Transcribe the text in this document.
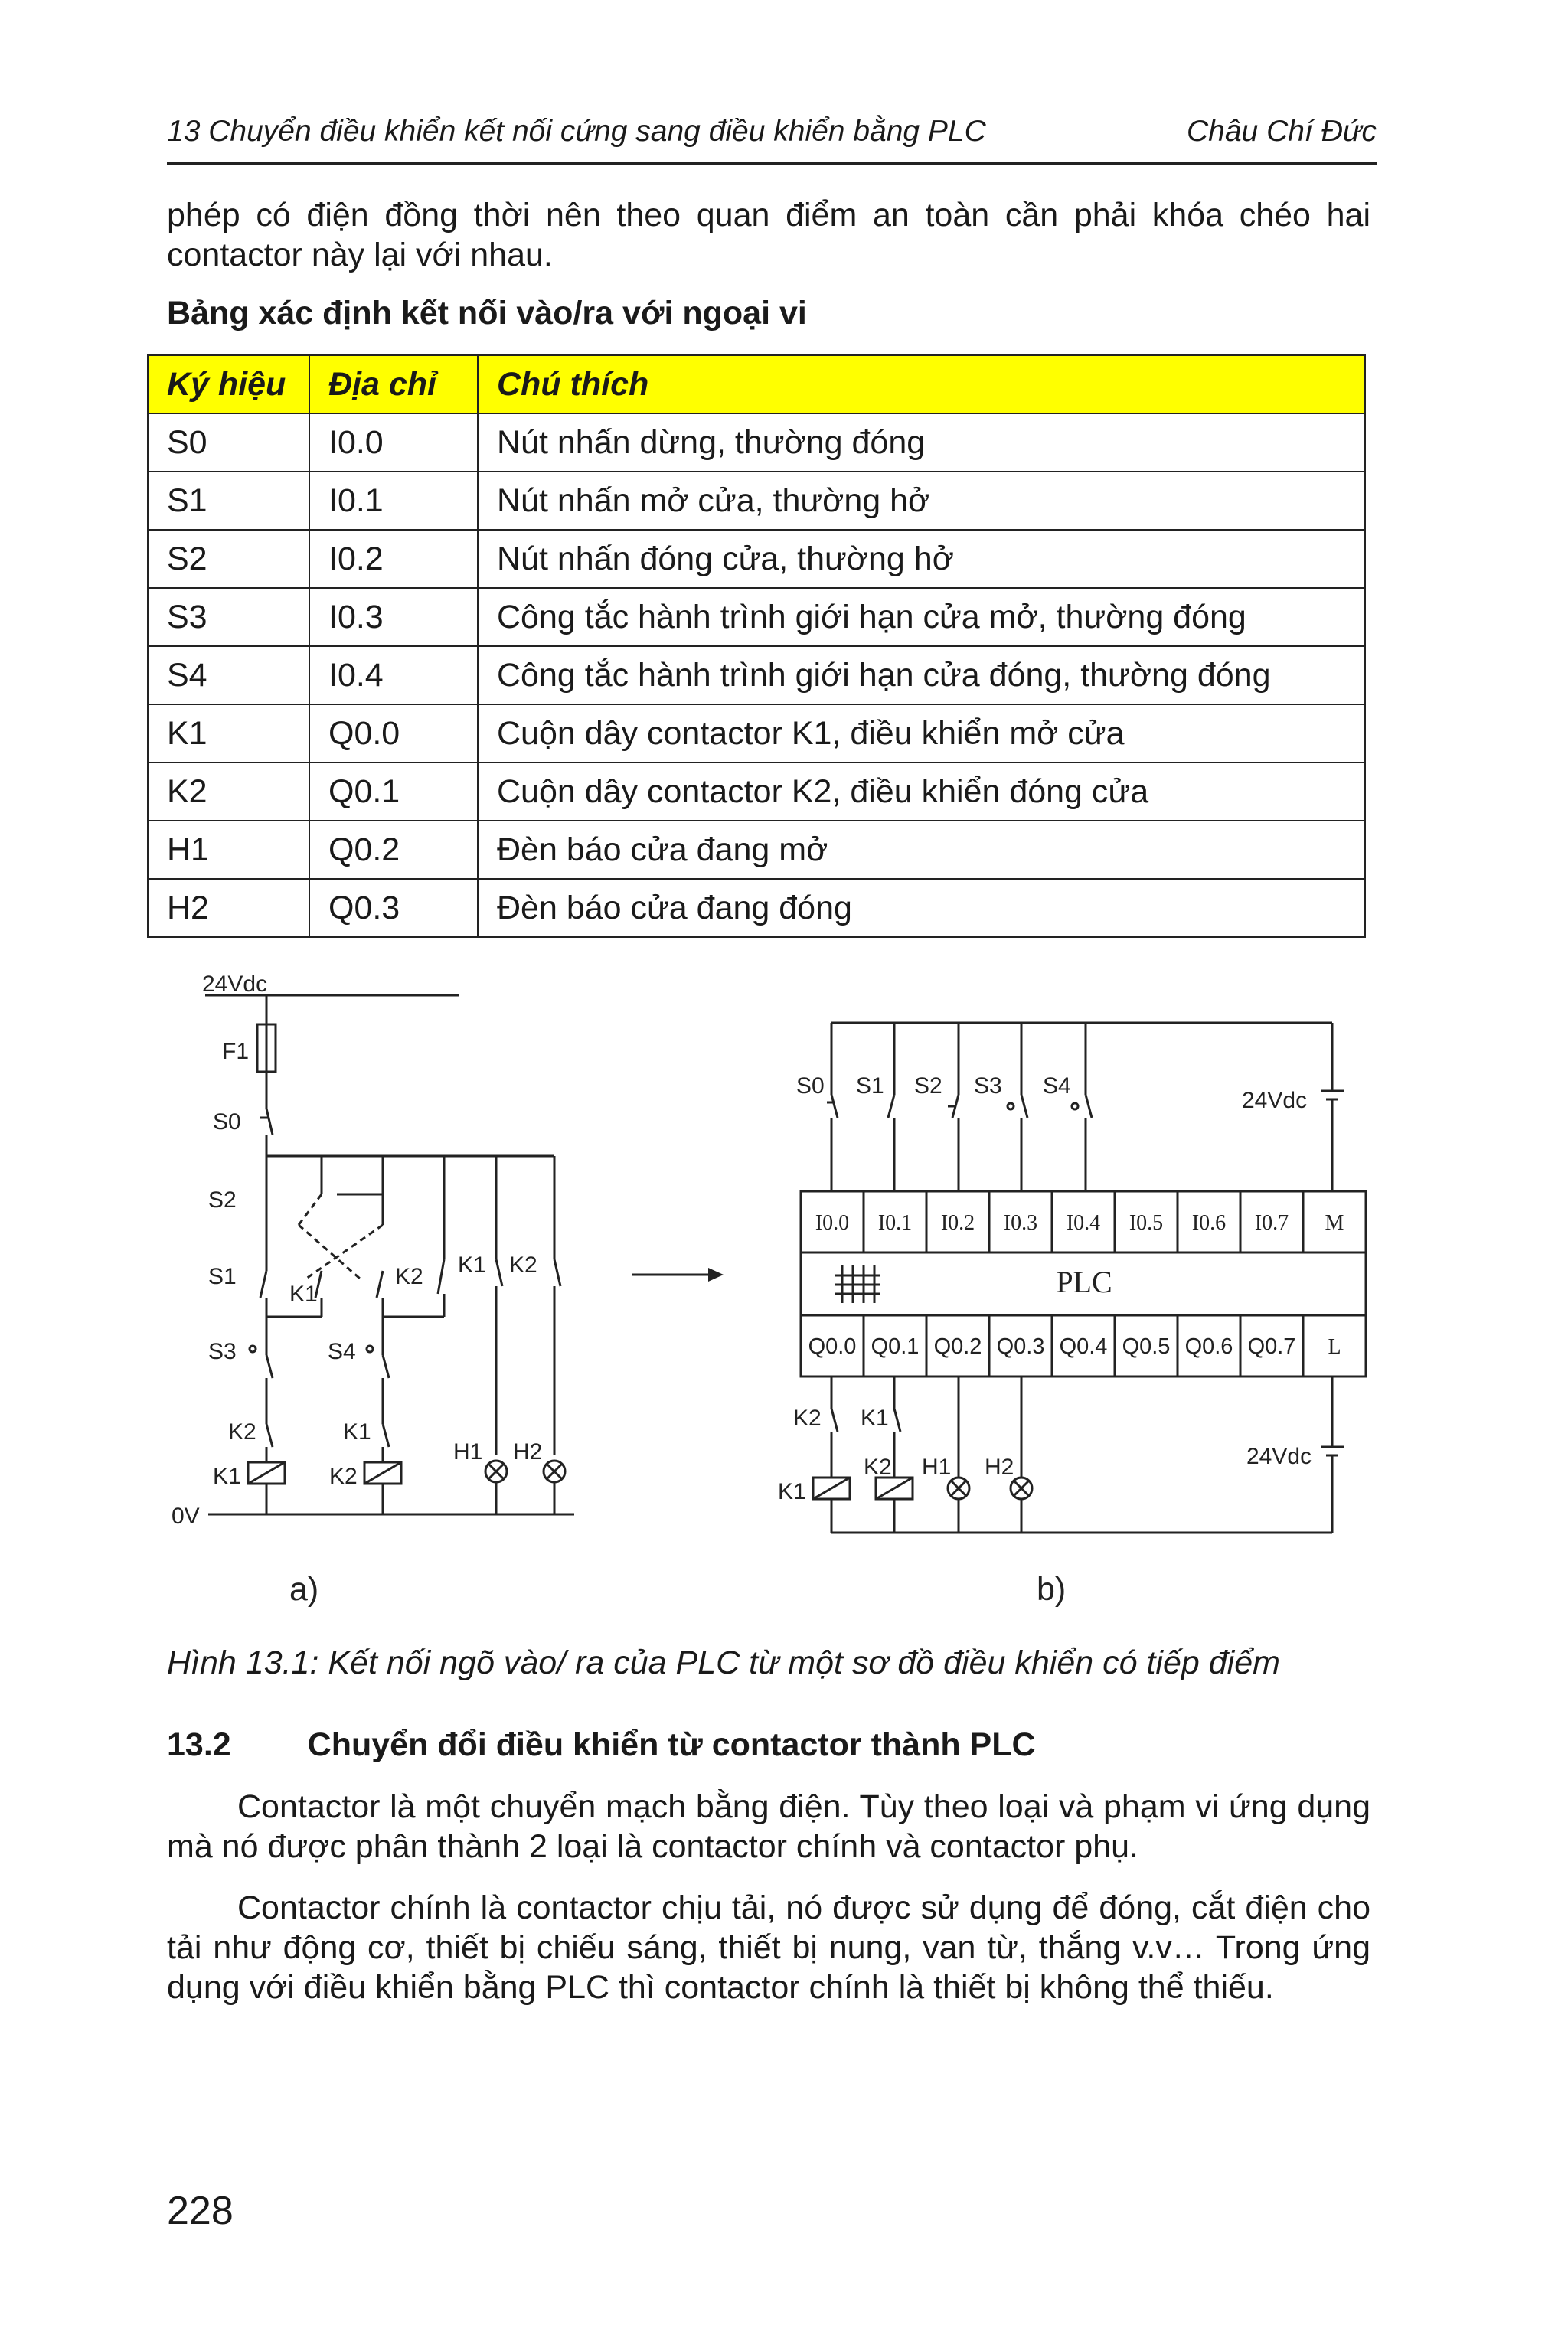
13 Chuyển điều khiển kết nối cứng sang điều khiển bằng PLC	Châu Chí Đức
phép có điện đồng thời nên theo quan điểm an toàn cần phải khóa chéo hai contactor này lại với nhau.
Bảng xác định kết nối vào/ra với ngoại vi
Ký hiệu	Địa chỉ	Chú thích
S0	I0.0	Nút nhấn dừng, thường đóng
S1	I0.1	Nút nhấn mở cửa, thường hở
S2	I0.2	Nút nhấn đóng cửa, thường hở
S3	I0.3	Công tắc hành trình giới hạn cửa mở, thường đóng
S4	I0.4	Công tắc hành trình giới hạn cửa đóng, thường đóng
K1	Q0.0	Cuộn dây contactor K1, điều khiển mở cửa
K2	Q0.1	Cuộn dây contactor K2, điều khiển đóng cửa
H1	Q0.2	Đèn báo cửa đang mở
H2	Q0.3	Đèn báo cửa đang đóng
24Vdc
F1
S0
S2
S1
K1
K2 K1 K2
S3	S4
K2	K1
K1	K2
H1 H2
0V
S0 S1 S2 S3 S4
24Vdc
I0.0 I0.1 I0.2 I0.3 I0.4 I0.5 I0.6 I0.7 M
Q0.0 Q0.1 Q0.2 Q0.3 Q0.4 Q0.5 Q0.6 Q0.7 L
PLC
K2 K1
K1
K2 H1 H2	24Vdc
a)	b)
Hình 13.1: Kết nối ngõ vào/ ra của PLC từ một sơ đồ điều khiển có tiếp điểm
13.2 Chuyển đổi điều khiển từ contactor thành PLC
Contactor là một chuyển mạch bằng điện. Tùy theo loại và phạm vi ứng dụng mà nó được phân thành 2 loại là contactor chính và contactor phụ.
Contactor chính là contactor chịu tải, nó được sử dụng để đóng, cắt điện cho tải như động cơ, thiết bị chiếu sáng, thiết bị nung, van từ, thắng v.v… Trong ứng dụng với điều khiển bằng PLC thì contactor chính là thiết bị không thể thiếu.
228
